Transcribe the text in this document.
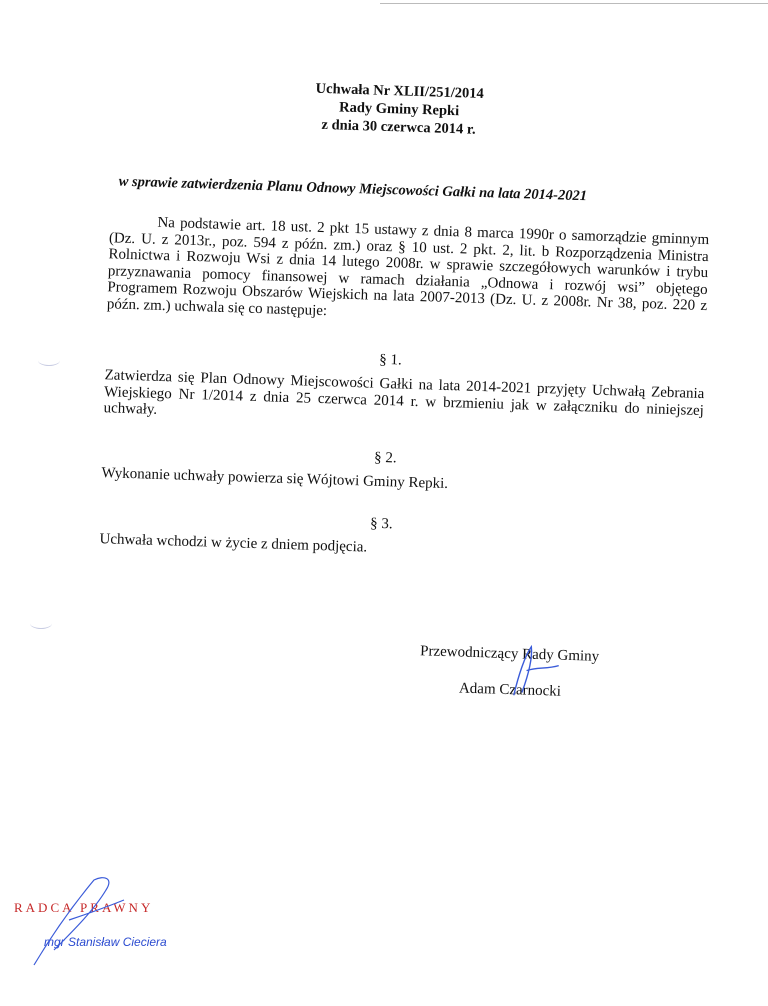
Uchwała Nr XLII/251/2014
Rady Gminy Repki
z dnia 30 czerwca 2014 r.
w sprawie zatwierdzenia Planu Odnowy Miejscowości Gałki na lata 2014-2021
Na podstawie art. 18 ust. 2 pkt 15 ustawy z dnia 8 marca 1990r o samorządzie gminnym (Dz. U. z 2013r., poz. 594 z późn. zm.) oraz § 10 ust. 2 pkt. 2, lit. b Rozporządzenia Ministra Rolnictwa i Rozwoju Wsi z dnia 14 lutego 2008r. w sprawie szczegółowych warunków i trybu przyznawania pomocy finansowej w ramach działania „Odnowa i rozwój wsi” objętego Programem Rozwoju Obszarów Wiejskich na lata 2007-2013 (Dz. U. z 2008r. Nr 38, poz. 220 z późn. zm.) uchwala się co następuje:
§ 1.
Zatwierdza się Plan Odnowy Miejscowości Gałki na lata 2014-2021 przyjęty Uchwałą Zebrania Wiejskiego Nr 1/2014 z dnia 25 czerwca 2014 r. w brzmieniu jak w załączniku do niniejszej uchwały.
§ 2.
Wykonanie uchwały powierza się Wójtowi Gminy Repki.
§ 3.
Uchwała wchodzi w życie z dniem podjęcia.
Przewodniczący Rady Gminy
Adam Czarnocki
RADCA PRAWNY
mgr Stanisław Cieciera
